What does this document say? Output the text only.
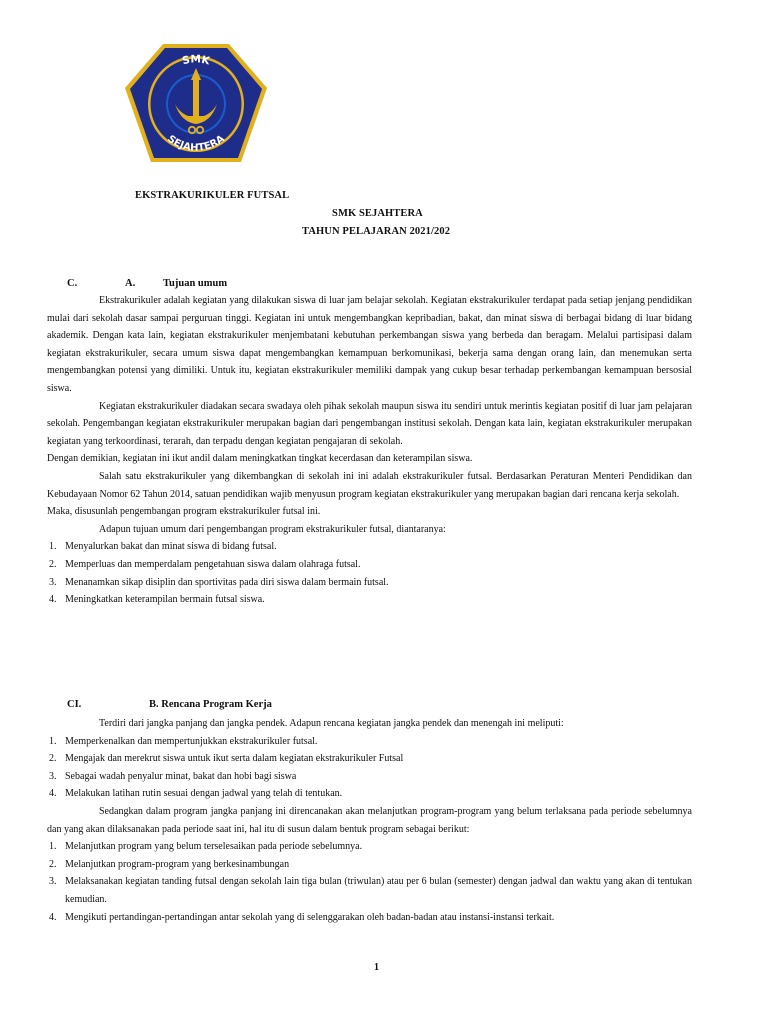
SMK
SEJAHTERA
EKSTRAKURIKULER FUTSAL
SMK SEJAHTERA
TAHUN PELAJARAN 2021/202
C.	A.	Tujuan umum

Ekstrakurikuler adalah kegiatan yang dilakukan siswa di luar jam belajar sekolah. Kegiatan ekstrakurikuler terdapat pada setiap jenjang pendidikan mulai dari sekolah dasar sampai perguruan tinggi. Kegiatan ini untuk mengembangkan kepribadian, bakat, dan minat siswa di berbagai bidang di luar bidang akademik. Dengan kata lain, kegiatan ekstrakurikuler menjembatani kebutuhan perkembangan siswa yang berbeda dan beragam. Melalui partisipasi dalam kegiatan ekstrakurikuler, secara umum siswa dapat mengembangkan kemampuan berkomunikasi, bekerja sama dengan orang lain, dan menemukan serta mengembangkan potensi yang dimiliki. Untuk itu, kegiatan ekstrakurikuler memiliki dampak yang cukup besar terhadap perkembangan kemampuan bersosial siswa.

Kegiatan ekstrakurikuler diadakan secara swadaya oleh pihak sekolah maupun siswa itu sendiri untuk merintis kegiatan positif di luar jam pelajaran sekolah. Pengembangan kegiatan ekstrakurikuler merupakan bagian dari pengembangan institusi sekolah. Dengan kata lain, kegiatan ekstrakurikuler merupakan kegiatan yang terkoordinasi, terarah, dan terpadu dengan kegiatan pengajaran di sekolah.

Dengan demikian, kegiatan ini ikut andil dalam meningkatkan tingkat kecerdasan dan keterampilan siswa.

Salah satu ekstrakurikuler yang dikembangkan di sekolah ini ini adalah ekstrakurikuler futsal. Berdasarkan Peraturan Menteri Pendidikan dan Kebudayaan Nomor 62 Tahun 2014, satuan pendidikan wajib menyusun program kegiatan ekstrakurikuler yang merupakan bagian dari rencana kerja sekolah.

Maka, disusunlah pengembangan program ekstrakurikuler futsal ini.

Adapun tujuan umum dari pengembangan program ekstrakurikuler futsal, diantaranya:

1. Menyalurkan bakat dan minat siswa di bidang futsal.
2. Memperluas dan memperdalam pengetahuan siswa dalam olahraga futsal.
3. Menanamkan sikap disiplin dan sportivitas pada diri siswa dalam bermain futsal.
4. Meningkatkan keterampilan bermain futsal siswa.
CI.	B. Rencana Program Kerja

Terdiri dari jangka panjang dan jangka pendek. Adapun rencana kegiatan jangka pendek dan menengah ini meliputi:

1. Memperkenalkan dan mempertunjukkan ekstrakurikuler futsal.
2. Mengajak dan merekrut siswa untuk ikut serta dalam kegiatan ekstrakurikuler Futsal
3. Sebagai wadah penyalur minat, bakat dan hobi bagi siswa
4. Melakukan latihan rutin sesuai dengan jadwal yang telah di tentukan.

Sedangkan dalam program jangka panjang ini direncanakan akan melanjutkan program-program yang belum terlaksana pada periode sebelumnya dan yang akan dilaksanakan pada periode saat ini, hal itu di susun dalam bentuk program sebagai berikut:

1. Melanjutkan program yang belum terselesaikan pada periode sebelumnya.
2. Melanjutkan program-program yang berkesinambungan
3. Melaksanakan kegiatan tanding futsal dengan sekolah lain tiga bulan (triwulan) atau per 6 bulan (semester) dengan jadwal dan waktu yang akan di tentukan kemudian.
4. Mengikuti pertandingan-pertandingan antar sekolah yang di selenggarakan oleh badan-badan atau instansi-instansi terkait.
1
